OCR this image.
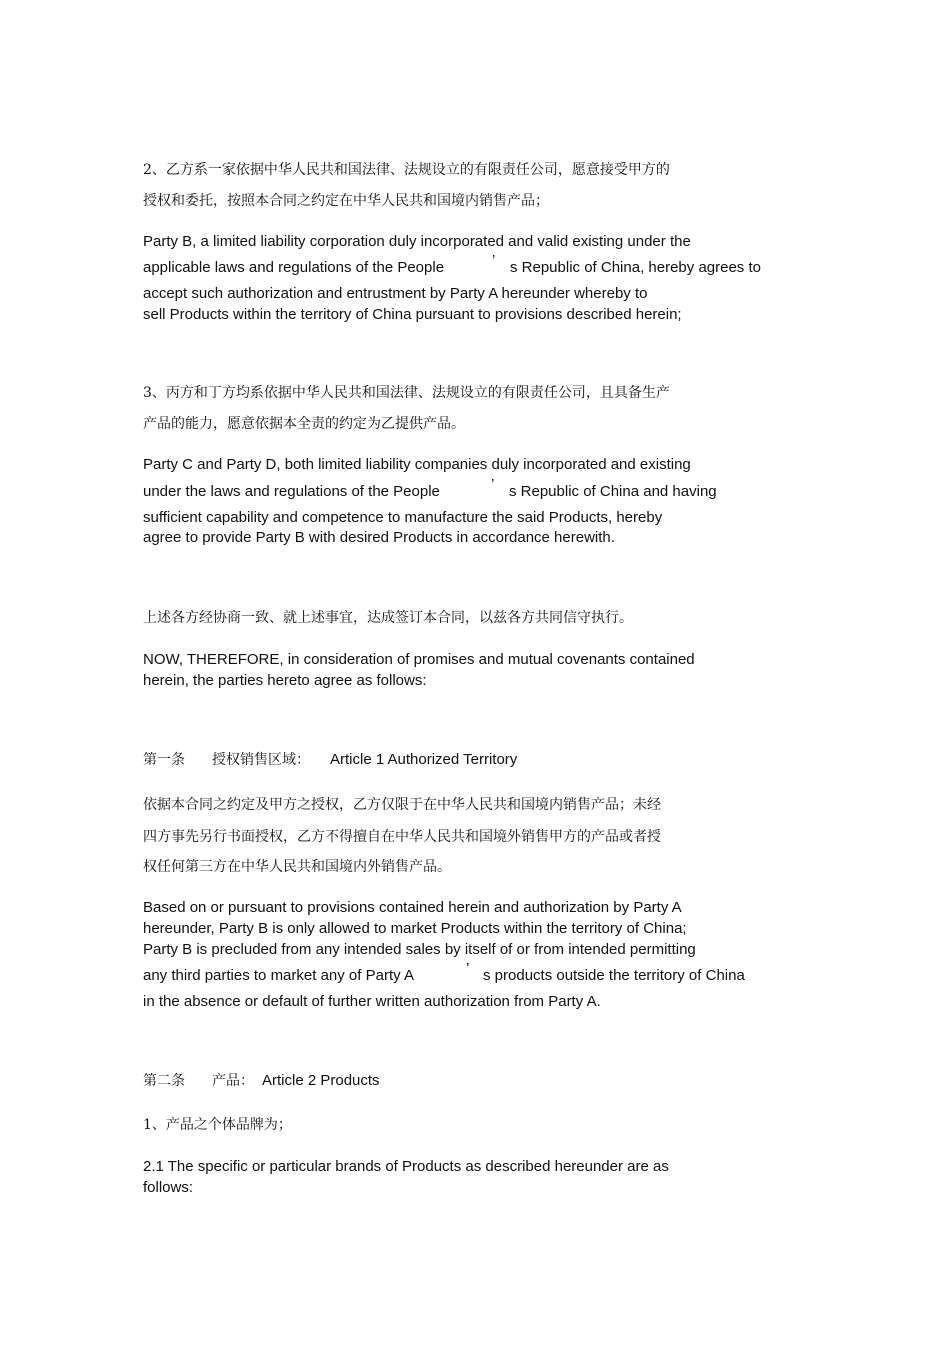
2、乙方系一家依据中华人民共和国法律、法规设立的有限责任公司，愿意接受甲方的
授权和委托，按照本合同之约定在中华人民共和国境内销售产品；
Party B, a limited liability corporation duly incorporated and valid existing under the
applicable laws and regulations of the People	’ s Republic of China, hereby agrees to
accept such authorization and entrustment by Party A hereunder whereby to
sell Products within the territory of China pursuant to provisions described herein;
3、丙方和丁方均系依据中华人民共和国法律、法规设立的有限责任公司，且具备生产
产品的能力，愿意依据本全责的约定为乙提供产品。
Party C and Party D, both limited liability companies duly incorporated and existing
under the laws and regulations of the People	’ s Republic of China and having
sufficient capability and competence to manufacture the said Products, hereby
agree to provide Party B with desired Products in accordance herewith.
上述各方经协商一致、就上述事宜，达成签订本合同，以兹各方共同信守执行。
NOW, THEREFORE, in consideration of promises and mutual covenants contained
herein, the parties hereto agree as follows:
第一条 授权销售区域： Article 1 Authorized Territory
依据本合同之约定及甲方之授权，乙方仅限于在中华人民共和国境内销售产品；未经
四方事先另行书面授权，乙方不得擅自在中华人民共和国境外销售甲方的产品或者授
权任何第三方在中华人民共和国境内外销售产品。
Based on or pursuant to provisions contained herein and authorization by Party A
hereunder, Party B is only allowed to market Products within the territory of China;
Party B is precluded from any intended sales by itself of or from intended permitting
any third parties to market any of Party A	’ s products outside the territory of China
in the absence or default of further written authorization from Party A.
第二条 产品： Article 2 Products
1、产品之个体品牌为；
2.1 The specific or particular brands of Products as described hereunder are as
follows:
